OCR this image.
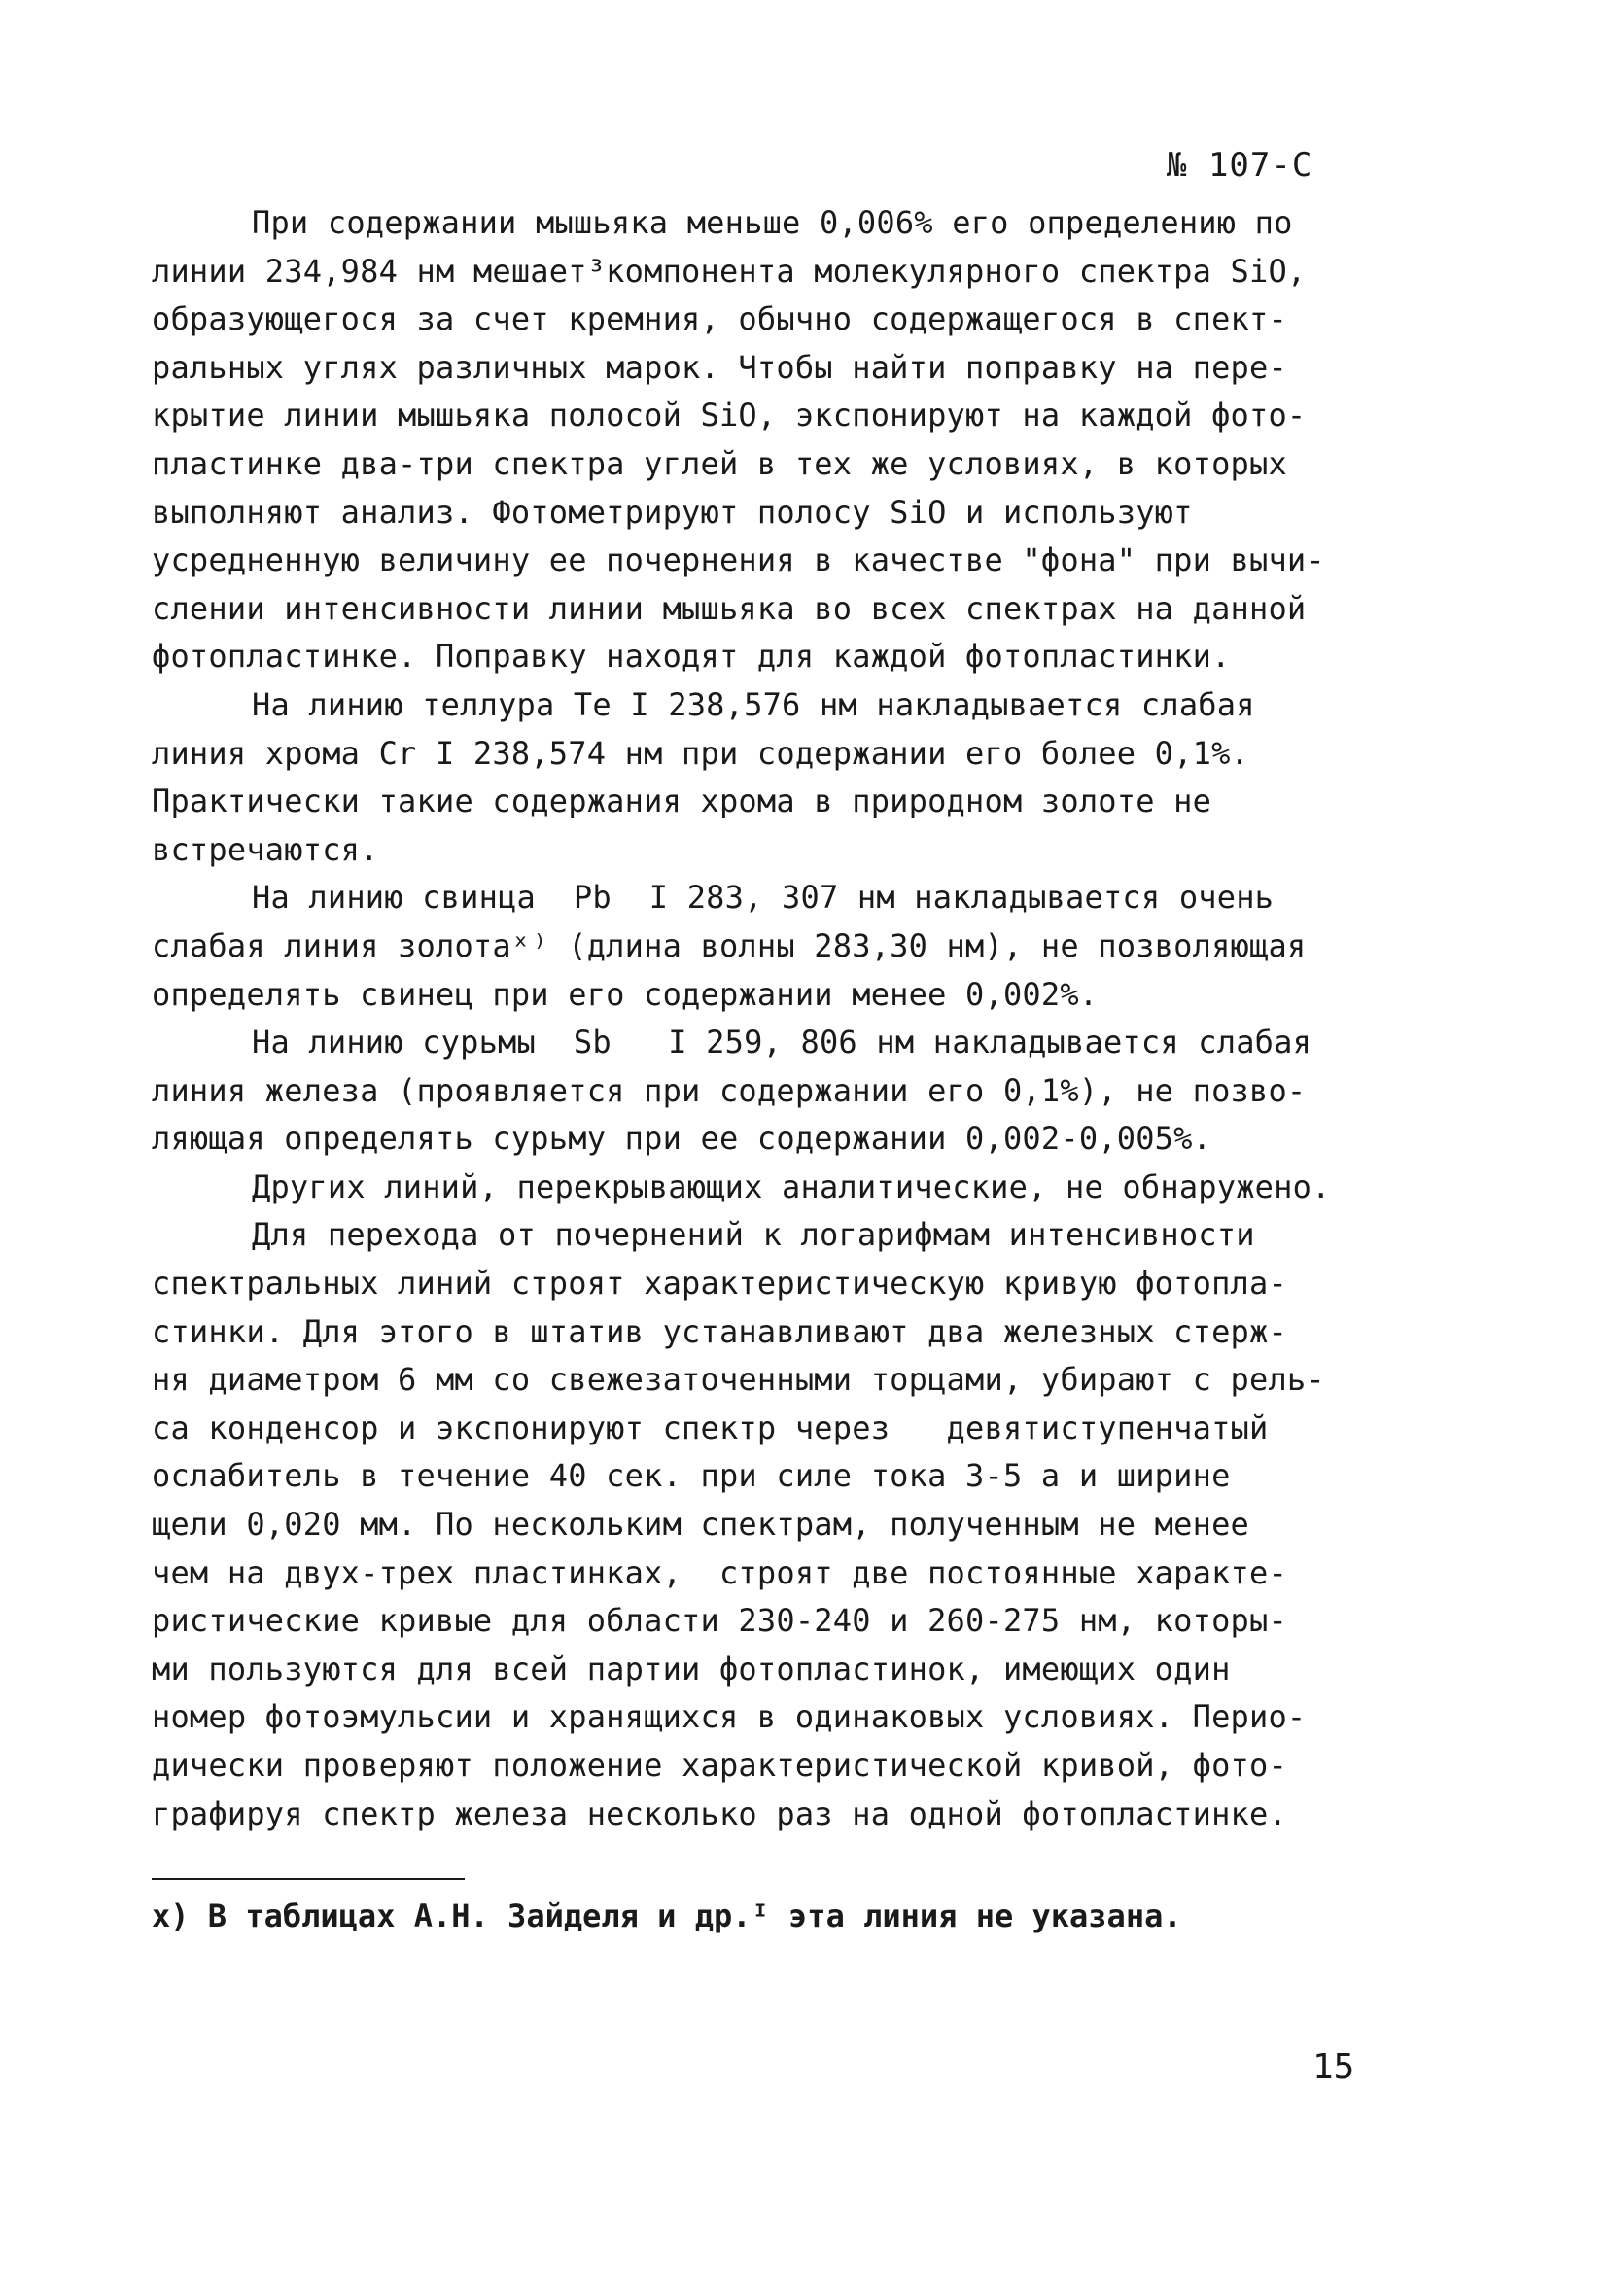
№ 107-С
При содержании мышьяка меньше 0,006% его определению по
линии 234,984 нм мешает³компонента молекулярного спектра SiO,
образующегося за счет кремния, обычно содержащегося в спект-
ральных углях различных марок. Чтобы найти поправку на пере-
крытие линии мышьяка полосой SiO, экспонируют на каждой фото-
пластинке два-три спектра углей в тех же условиях, в которых
выполняют анализ. Фотометрируют полосу SiO и используют
усредненную величину ее почернения в качестве "фона" при вычи-
слении интенсивности линии мышьяка во всех спектрах на данной
фотопластинке. Поправку находят для каждой фотопластинки.
На линию теллура Te I 238,576 нм накладывается слабая
линия хрома Cr I 238,574 нм при содержании его более 0,1%.
Практически такие содержания хрома в природном золоте не
встречаются.
На линию свинца  Pb  I 283, 307 нм накладывается очень
слабая линия золотаˣ⁾ (длина волны 283,30 нм), не позволяющая
определять свинец при его содержании менее 0,002%.
На линию сурьмы  Sb   I 259, 806 нм накладывается слабая
линия железа (проявляется при содержании его 0,1%), не позво-
ляющая определять сурьму при ее содержании 0,002-0,005%.
Других линий, перекрывающих аналитические, не обнаружено.
Для перехода от почернений к логарифмам интенсивности
спектральных линий строят характеристическую кривую фотопла-
стинки. Для этого в штатив устанавливают два железных стерж-
ня диаметром 6 мм со свежезаточенными торцами, убирают с рель-
са конденсор и экспонируют спектр через   девятиступенчатый
ослабитель в течение 40 сек. при силе тока 3-5 а и ширине
щели 0,020 мм. По нескольким спектрам, полученным не менее
чем на двух-трех пластинках,  строят две постоянные характе-
ристические кривые для области 230-240 и 260-275 нм, которы-
ми пользуются для всей партии фотопластинок, имеющих один
номер фотоэмульсии и хранящихся в одинаковых условиях. Перио-
дически проверяют положение характеристической кривой, фото-
графируя спектр железа несколько раз на одной фотопластинке.
х) В таблицах А.Н. Зайделя и др.ᴵ эта линия не указана.
15
